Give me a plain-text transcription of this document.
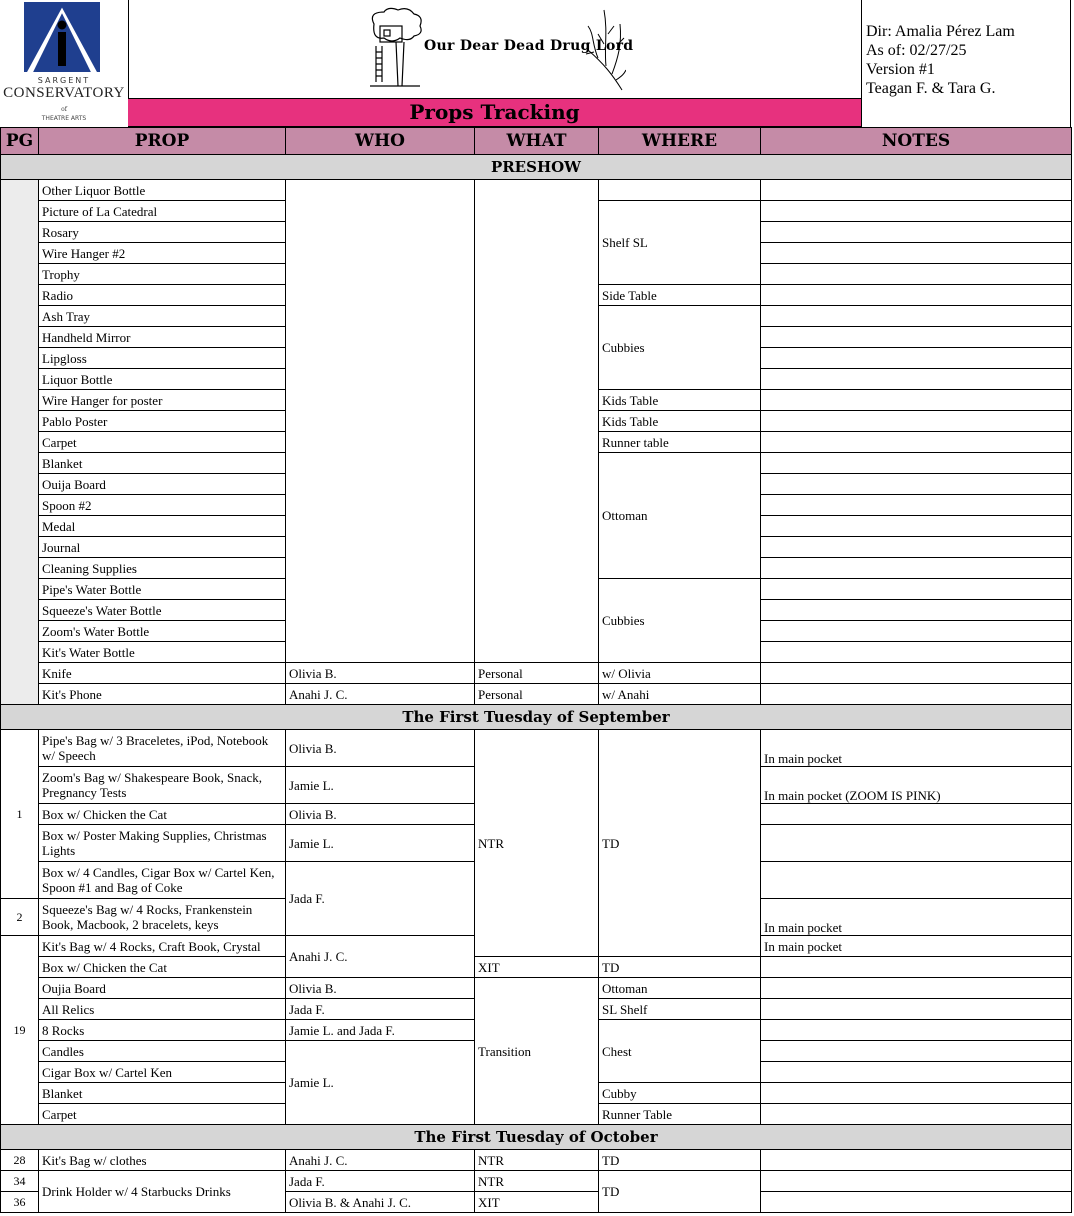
SARGENT
CONSERVATORY
of
THEATRE ARTS
Our Dear Dead Drug Lord
Props Tracking
Dir: Amalia Pérez Lam
As of: 02/27/25
Version #1
Teagan F. & Tara G.
PG	PROP	WHO	WHAT	WHERE	NOTES
PRESHOW					
	Other Liquor Bottle				
	Picture of La Catedral			Shelf SL	
	Rosary				
	Wire Hanger #2				
	Trophy				
	Radio			Side Table	
	Ash Tray			Cubbies	
	Handheld Mirror				
	Lipgloss				
	Liquor Bottle				
	Wire Hanger for poster			Kids Table	
	Pablo Poster			Kids Table	
	Carpet			Runner table	
	Blanket			Ottoman	
	Ouija Board				
	Spoon #2				
	Medal				
	Journal				
	Cleaning Supplies				
	Pipe's Water Bottle			Cubbies	
	Squeeze's Water Bottle				
	Zoom's Water Bottle				
	Kit's Water Bottle				
	Knife	Olivia B.	Personal	w/ Olivia	
	Kit's Phone	Anahi J. C.	Personal	w/ Anahi	
The First Tuesday of September					
1	Pipe's Bag w/ 3 Braceletes, iPod, Notebook w/ Speech	Olivia B.	NTR	TD	In main pocket
	Zoom's Bag w/ Shakespeare Book, Snack, Pregnancy Tests	Jamie L.			In main pocket (ZOOM IS PINK)
	Box w/ Chicken the Cat	Olivia B.			
	Box w/ Poster Making Supplies, Christmas Lights	Jamie L.			
	Box w/ 4 Candles, Cigar Box w/ Cartel Ken, Spoon #1 and Bag of Coke	Jada F.			
2	Squeeze's Bag w/ 4 Rocks, Frankenstein Book, Macbook, 2 bracelets, keys				In main pocket
19	Kit's Bag w/ 4 Rocks, Craft Book, Crystal	Anahi J. C.			In main pocket
	Box w/ Chicken the Cat		XIT	TD	
	Oujia Board	Olivia B.	Transition	Ottoman	
	All Relics	Jada F.		SL Shelf	
	8 Rocks	Jamie L. and Jada F.		Chest	
	Candles	Jamie L.			
	Cigar Box w/ Cartel Ken				
	Blanket			Cubby	
	Carpet			Runner Table	
The First Tuesday of October					
28	Kit's Bag w/ clothes	Anahi J. C.	NTR	TD	
34	Drink Holder w/ 4 Starbucks Drinks	Jada F.	NTR	TD	
36		Olivia B. & Anahi J. C.	XIT		
